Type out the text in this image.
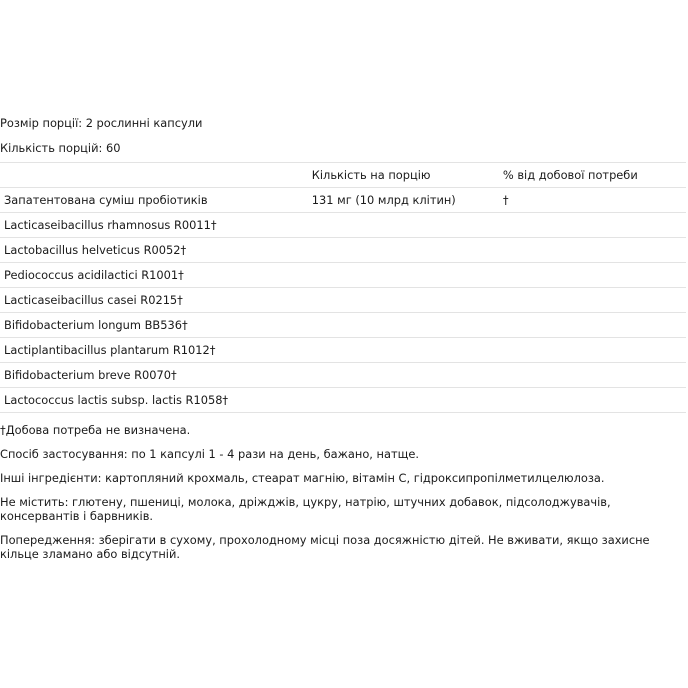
Розмір порції: 2 рослинні капсули

Кількість порцій: 60

	Кількість на порцію	% від добової потреби
Запатентована суміш пробіотиків	131 мг (10 млрд клітин)	†
Lacticaseibacillus rhamnosus R0011†		
Lactobacillus helveticus R0052†		
Pediococcus acidilactici R1001†		
Lacticaseibacillus casei R0215†		
Bifidobacterium longum BB536†		
Lactiplantibacillus plantarum R1012†		
Bifidobacterium breve R0070†		
Lactococcus lactis subsp. lactis R1058†		

†Добова потреба не визначена.

Спосіб застосування: по 1 капсулі 1 - 4 рази на день, бажано, натще.

Інші інгредієнти: картопляний крохмаль, стеарат магнію, вітамін С, гідроксипропілметилцелюлоза.

Не містить: глютену, пшениці, молока, дріжджів, цукру, натрію, штучних добавок, підсолоджувачів, консервантів і барвників.

Попередження: зберігати в сухому, прохолодному місці поза досяжністю дітей. Не вживати, якщо захисне кільце зламано або відсутній.
